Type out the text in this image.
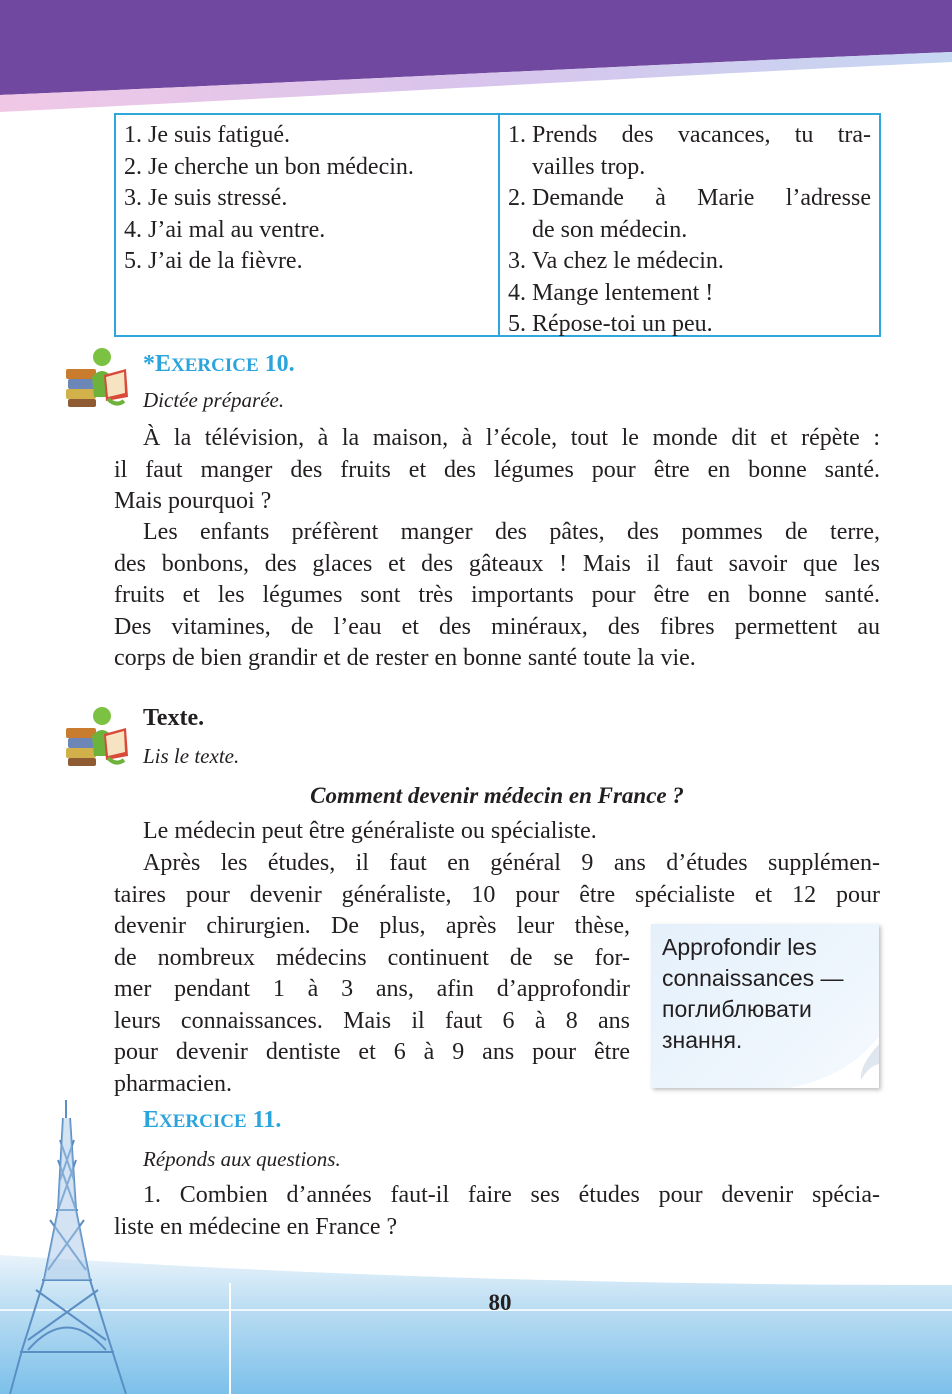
1. Je suis fatigué.
2. Je cherche un bon médecin.
3. Je suis stressé.
4. J’ai mal au ventre.
5. J’ai de la fièvre.
1. Prends des vacances, tu tra-
vailles trop.
2. Demande à Marie l’adresse
de son médecin.
3. Va chez le médecin.
4. Mange lentement !
5. Répose-toi un peu.
*EXERCICE 10.
Dictée préparée.
À la télévision, à la maison, à l’école, tout le monde dit et répète :
il faut manger des fruits et des légumes pour être en bonne santé.
Mais pourquoi ?
Les enfants préfèrent manger des pâtes, des pommes de terre,
des bonbons, des glaces et des gâteaux ! Mais il faut savoir que les
fruits et les légumes sont très importants pour être en bonne santé.
Des vitamines, de l’eau et des minéraux, des fibres permettent au
corps de bien grandir et de rester en bonne santé toute la vie.
Texte.
Lis le texte.
Comment devenir médecin en France ?
Le médecin peut être généraliste ou spécialiste.
Après les études, il faut en général 9 ans d’études supplémen-
taires pour devenir généraliste, 10 pour être spécialiste et 12 pour
devenir chirurgien. De plus, après leur thèse,
de nombreux médecins continuent de se for-
mer pendant 1 à 3 ans, afin d’approfondir
leurs connaissances. Mais il faut 6 à 8 ans
pour devenir dentiste et 6 à 9 ans pour être
pharmacien.
Approfondir les
connaissances —
поглиблювати
знання.
EXERCICE 11.
Réponds aux questions.
1. Combien d’années faut-il faire ses études pour devenir spécia-
liste en médecine en France ?
80
